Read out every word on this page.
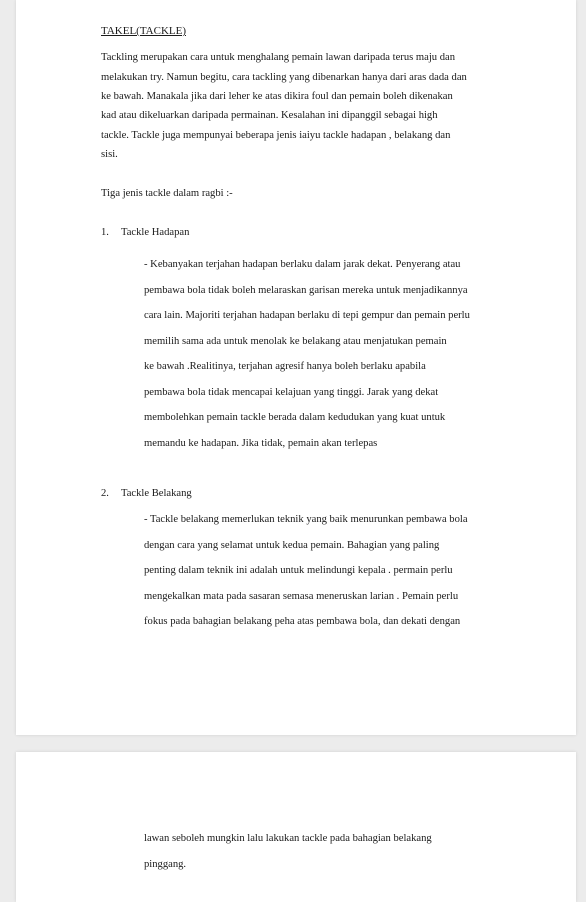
TAKEL(TACKLE)

Tackling merupakan cara untuk menghalang pemain lawan daripada terus maju dan

melakukan try. Namun begitu, cara tackling yang dibenarkan hanya dari aras dada dan

ke bawah. Manakala jika dari leher ke atas dikira foul dan pemain boleh dikenakan

kad atau dikeluarkan daripada permainan. Kesalahan ini dipanggil sebagai high

tackle. Tackle juga mempunyai beberapa jenis iaiyu tackle hadapan , belakang dan

sisi.

Tiga jenis tackle dalam ragbi :-

1. Tackle Hadapan

- Kebanyakan terjahan hadapan berlaku dalam jarak dekat. Penyerang atau

pembawa bola tidak boleh melaraskan garisan mereka untuk menjadikannya

cara lain. Majoriti terjahan hadapan berlaku di tepi gempur dan pemain perlu

memilih sama ada untuk menolak ke belakang atau menjatukan pemain

ke bawah .Realitinya, terjahan agresif hanya boleh berlaku apabila

pembawa bola tidak mencapai kelajuan yang tinggi. Jarak yang dekat

membolehkan pemain tackle berada dalam kedudukan yang kuat untuk

memandu ke hadapan. Jika tidak, pemain akan terlepas

2. Tackle Belakang

- Tackle belakang memerlukan teknik yang baik menurunkan pembawa bola

dengan cara yang selamat untuk kedua pemain. Bahagian yang paling

penting dalam teknik ini adalah untuk melindungi kepala . permain perlu

mengekalkan mata pada sasaran semasa meneruskan larian . Pemain perlu

fokus pada bahagian belakang peha atas pembawa bola, dan dekati dengan

lawan seboleh mungkin lalu lakukan tackle pada bahagian belakang

pinggang.
